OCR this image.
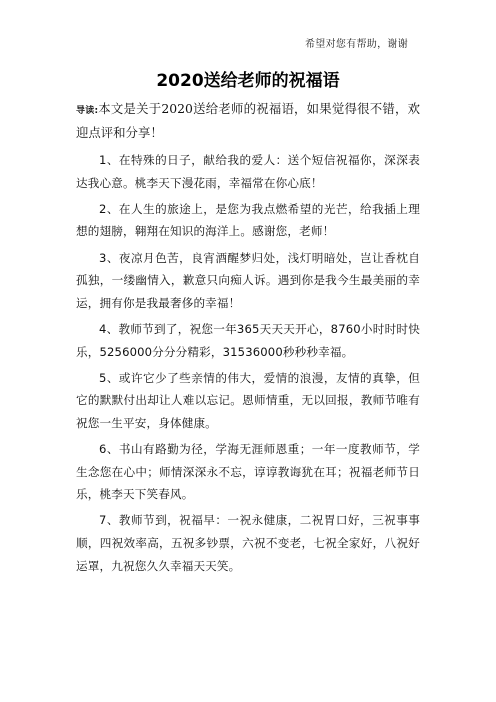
希望对您有帮助，谢谢
2020送给老师的祝福语

导读:本文是关于2020送给老师的祝福语，如果觉得很不错，欢迎点评和分享！

1、在特殊的日子，献给我的爱人：送个短信祝福你，深深表达我心意。桃李天下漫花雨，幸福常在你心底！

2、在人生的旅途上，是您为我点燃希望的光芒，给我插上理想的翅膀，翱翔在知识的海洋上。感谢您，老师！

3、夜凉月色苦，良宵酒醒梦归处，浅灯明暗处，岂让香枕自孤独，一缕幽情入，歉意只向痴人诉。遇到你是我今生最美丽的幸运，拥有你是我最奢侈的幸福！

4、教师节到了，祝您一年365天天天开心，8760小时时时快乐，5256000分分分精彩，31536000秒秒秒幸福。

5、或许它少了些亲情的伟大，爱情的浪漫，友情的真挚，但它的默默付出却让人难以忘记。恩师情重，无以回报，教师节唯有祝您一生平安，身体健康。

6、书山有路勤为径，学海无涯师恩重；一年一度教师节，学生念您在心中；师情深深永不忘，谆谆教诲犹在耳；祝福老师节日乐，桃李天下笑春风。

7、教师节到，祝福早：一祝永健康，二祝胃口好，三祝事事顺，四祝效率高，五祝多钞票，六祝不变老，七祝全家好，八祝好运罩，九祝您久久幸福天天笑。
